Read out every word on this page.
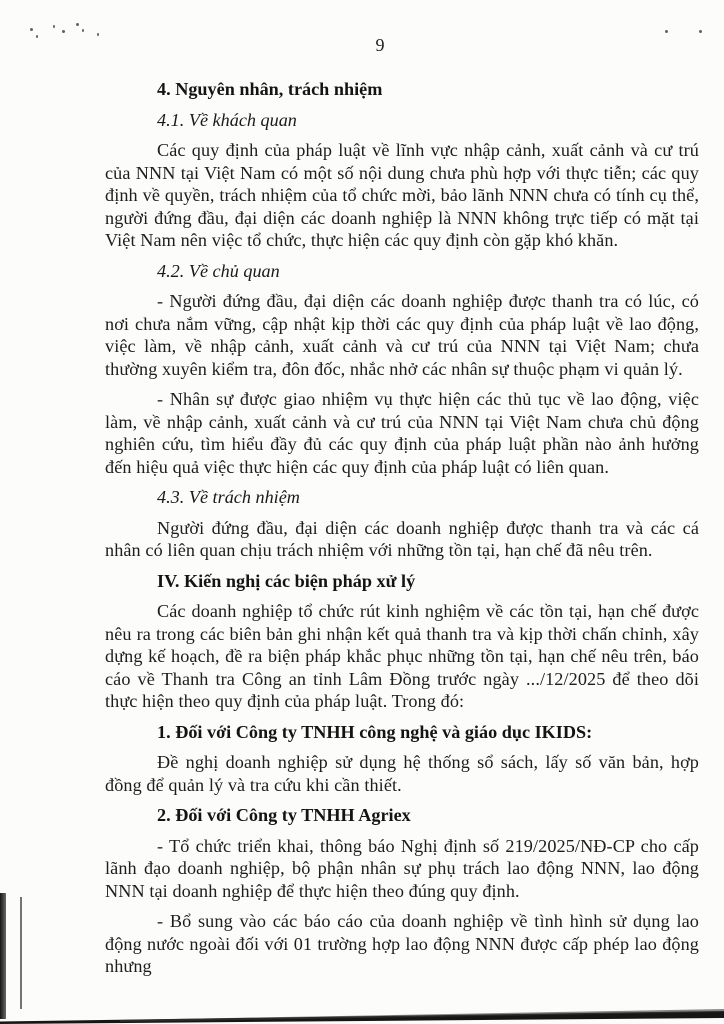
9
4. Nguyên nhân, trách nhiệm
4.1. Về khách quan
Các quy định của pháp luật về lĩnh vực nhập cảnh, xuất cảnh và cư trú của NNN tại Việt Nam có một số nội dung chưa phù hợp với thực tiễn; các quy định về quyền, trách nhiệm của tổ chức mời, bảo lãnh NNN chưa có tính cụ thể, người đứng đầu, đại diện các doanh nghiệp là NNN không trực tiếp có mặt tại Việt Nam nên việc tổ chức, thực hiện các quy định còn gặp khó khăn.
4.2. Về chủ quan
- Người đứng đầu, đại diện các doanh nghiệp được thanh tra có lúc, có nơi chưa nắm vững, cập nhật kịp thời các quy định của pháp luật về lao động, việc làm, về nhập cảnh, xuất cảnh và cư trú của NNN tại Việt Nam; chưa thường xuyên kiểm tra, đôn đốc, nhắc nhở các nhân sự thuộc phạm vi quản lý.
- Nhân sự được giao nhiệm vụ thực hiện các thủ tục về lao động, việc làm, về nhập cảnh, xuất cảnh và cư trú của NNN tại Việt Nam chưa chủ động nghiên cứu, tìm hiểu đầy đủ các quy định của pháp luật phần nào ảnh hưởng đến hiệu quả việc thực hiện các quy định của pháp luật có liên quan.
4.3. Về trách nhiệm
Người đứng đầu, đại diện các doanh nghiệp được thanh tra và các cá nhân có liên quan chịu trách nhiệm với những tồn tại, hạn chế đã nêu trên.
IV. Kiến nghị các biện pháp xử lý
Các doanh nghiệp tổ chức rút kinh nghiệm về các tồn tại, hạn chế được nêu ra trong các biên bản ghi nhận kết quả thanh tra và kịp thời chấn chỉnh, xây dựng kế hoạch, đề ra biện pháp khắc phục những tồn tại, hạn chế nêu trên, báo cáo về Thanh tra Công an tỉnh Lâm Đồng trước ngày .../12/2025 để theo dõi thực hiện theo quy định của pháp luật. Trong đó:
1. Đối với Công ty TNHH công nghệ và giáo dục IKIDS:
Đề nghị doanh nghiệp sử dụng hệ thống sổ sách, lấy số văn bản, hợp đồng để quản lý và tra cứu khi cần thiết.
2. Đối với Công ty TNHH Agriex
- Tổ chức triển khai, thông báo Nghị định số 219/2025/NĐ-CP cho cấp lãnh đạo doanh nghiệp, bộ phận nhân sự phụ trách lao động NNN, lao động NNN tại doanh nghiệp để thực hiện theo đúng quy định.
- Bổ sung vào các báo cáo của doanh nghiệp về tình hình sử dụng lao động nước ngoài đối với 01 trường hợp lao động NNN được cấp phép lao động nhưng
